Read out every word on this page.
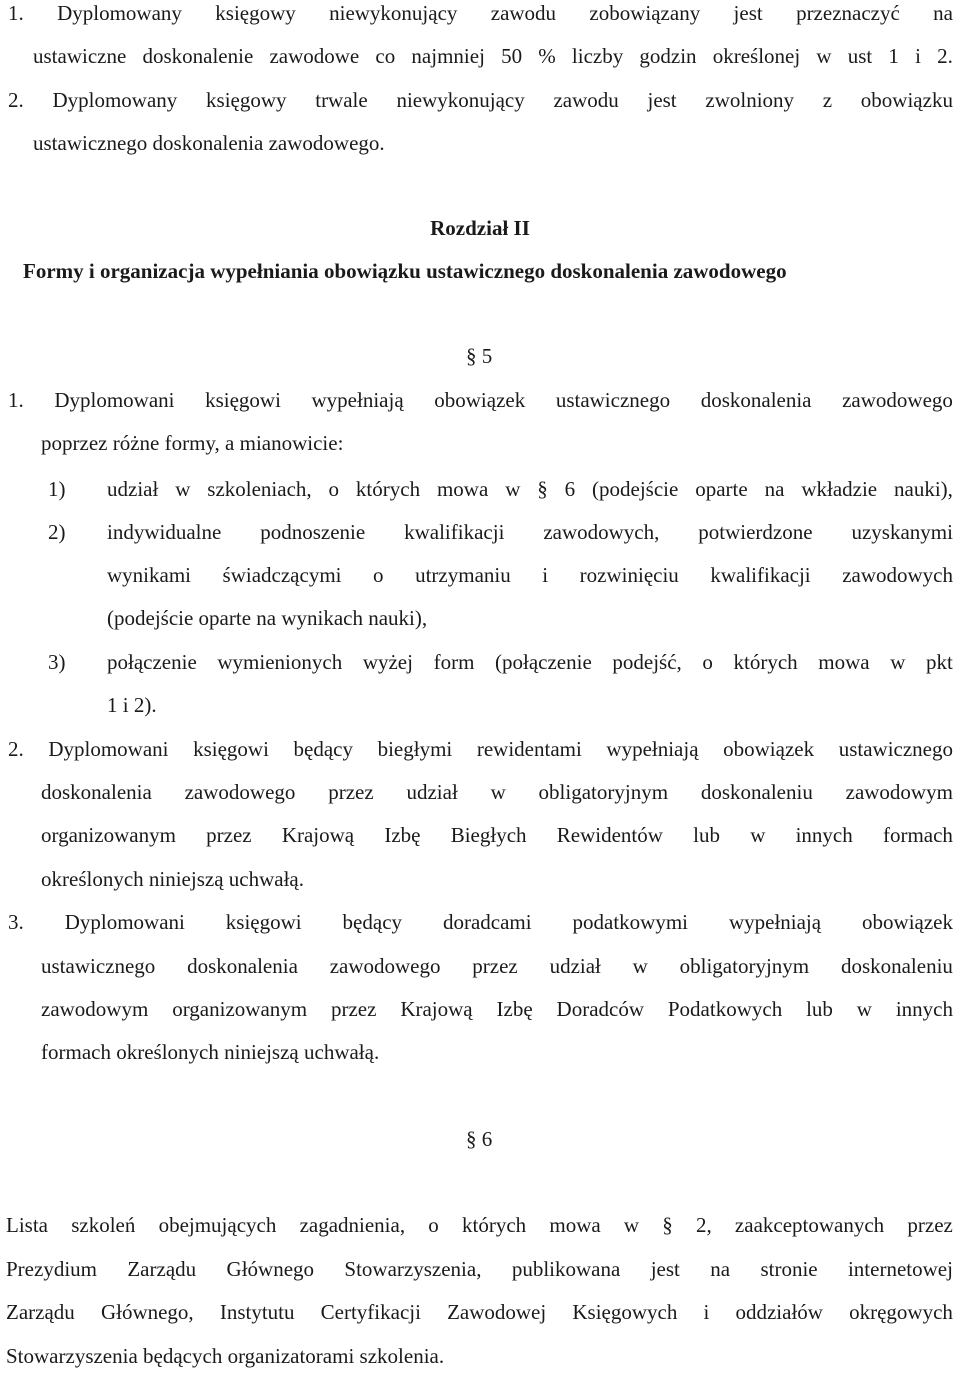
1. Dyplomowany księgowy niewykonujący zawodu zobowiązany jest przeznaczyć na
ustawiczne doskonalenie zawodowe co najmniej 50 % liczby godzin określonej w ust 1 i 2.
2. Dyplomowany księgowy trwale niewykonujący zawodu jest zwolniony z obowiązku
ustawicznego doskonalenia zawodowego.
Rozdział II
Formy i organizacja wypełniania obowiązku ustawicznego doskonalenia zawodowego
§ 5
1. Dyplomowani księgowi wypełniają obowiązek ustawicznego doskonalenia zawodowego
poprzez różne formy, a mianowicie:
1) udział w szkoleniach, o których mowa w § 6 (podejście oparte na wkładzie nauki),
2) indywidualne podnoszenie kwalifikacji zawodowych, potwierdzone uzyskanymi
wynikami świadczącymi o utrzymaniu i rozwinięciu kwalifikacji zawodowych
(podejście oparte na wynikach nauki),
3) połączenie wymienionych wyżej form (połączenie podejść, o których mowa w pkt
1 i 2).
2. Dyplomowani księgowi będący biegłymi rewidentami wypełniają obowiązek ustawicznego
doskonalenia zawodowego przez udział w obligatoryjnym doskonaleniu zawodowym
organizowanym przez Krajową Izbę Biegłych Rewidentów lub w innych formach
określonych niniejszą uchwałą.
3. Dyplomowani księgowi będący doradcami podatkowymi wypełniają obowiązek
ustawicznego doskonalenia zawodowego przez udział w obligatoryjnym doskonaleniu
zawodowym organizowanym przez Krajową Izbę Doradców Podatkowych lub w innych
formach określonych niniejszą uchwałą.
§ 6
Lista szkoleń obejmujących zagadnienia, o których mowa w § 2, zaakceptowanych przez
Prezydium Zarządu Głównego Stowarzyszenia, publikowana jest na stronie internetowej
Zarządu Głównego, Instytutu Certyfikacji Zawodowej Księgowych i oddziałów okręgowych
Stowarzyszenia będących organizatorami szkolenia.
